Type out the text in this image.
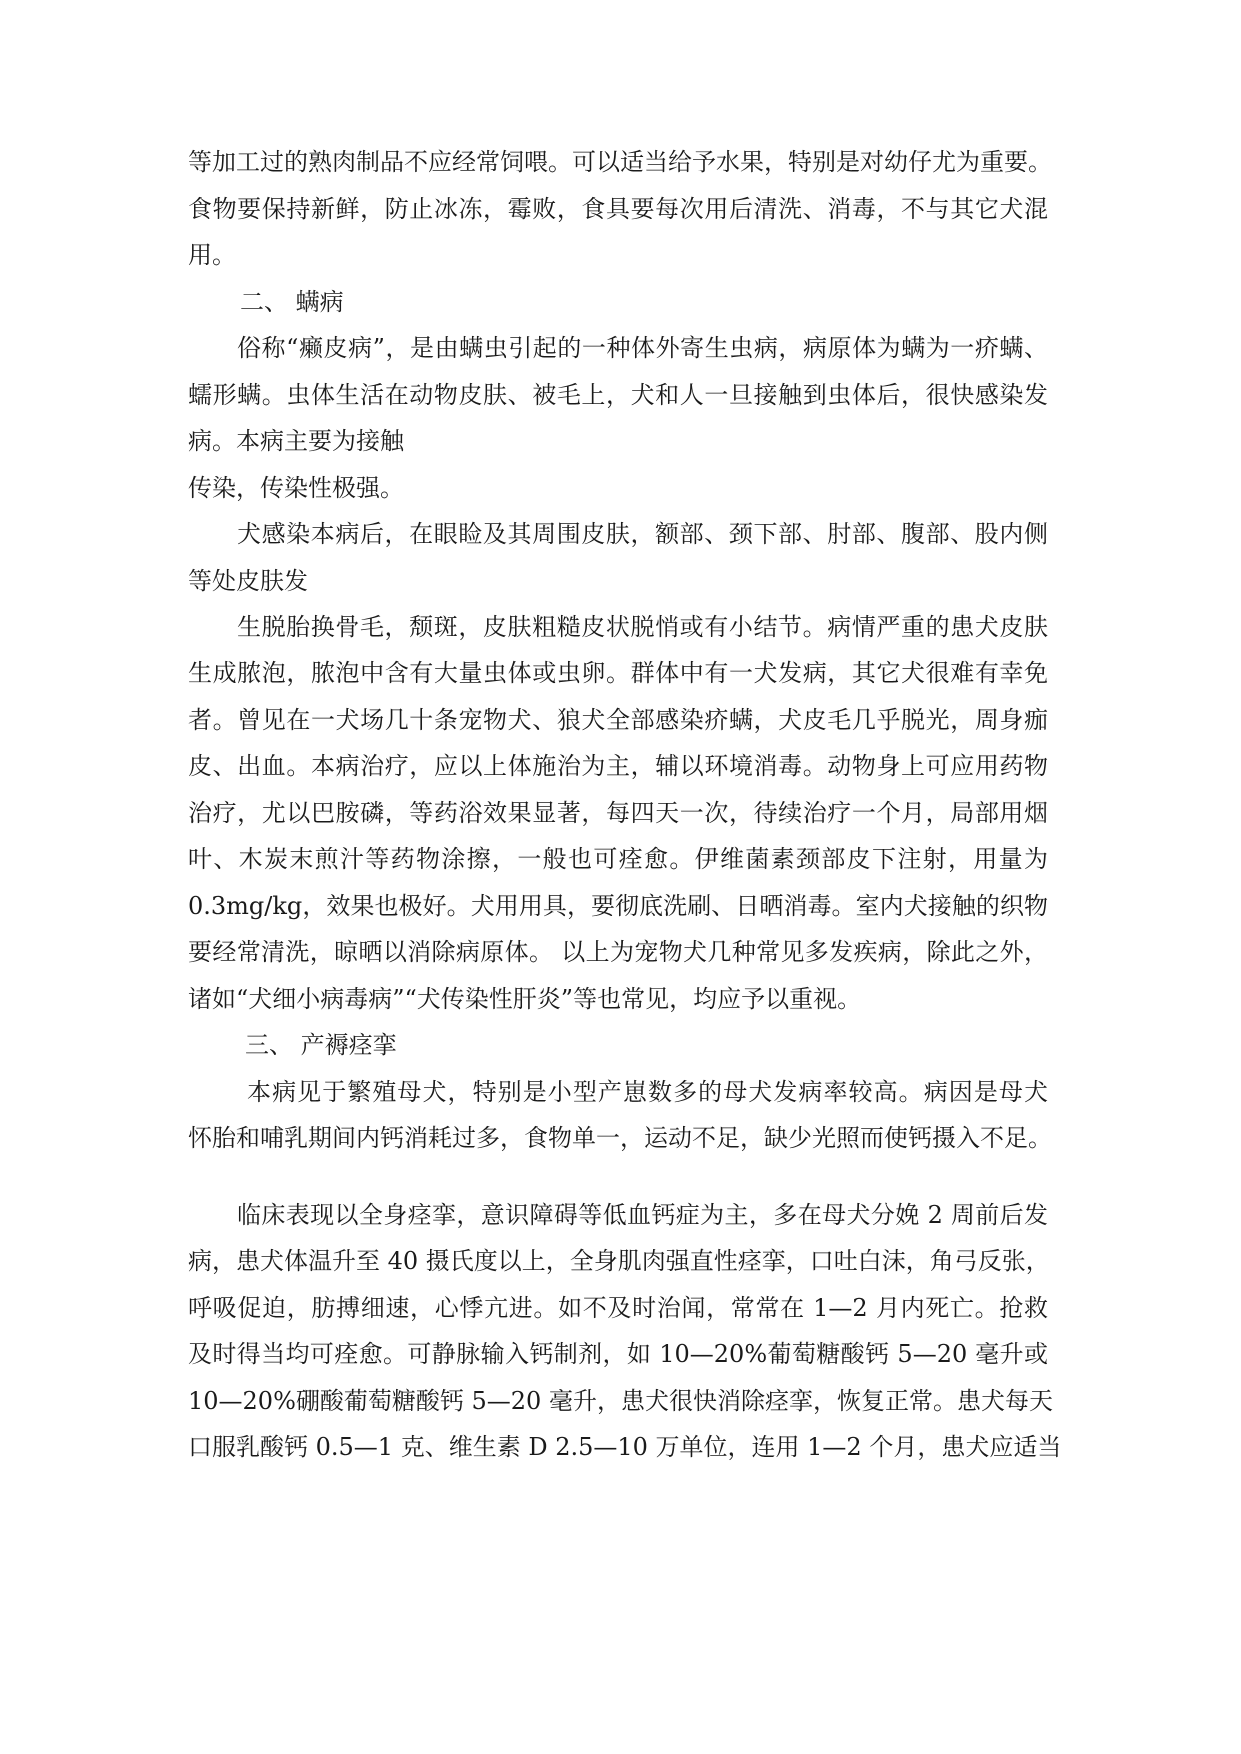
等加工过的熟肉制品不应经常饲喂。可以适当给予水果，特别是对幼仔尤为重要。
食物要保持新鲜，防止冰冻，霉败，食具要每次用后清洗、消毒，不与其它犬混
用。
二、 螨病
俗称“癞皮病”，是由螨虫引起的一种体外寄生虫病，病原体为螨为一疥螨、
蠕形螨。虫体生活在动物皮肤、被毛上，犬和人一旦接触到虫体后，很快感染发
病。本病主要为接触
传染，传染性极强。
犬感染本病后，在眼睑及其周围皮肤，额部、颈下部、肘部、腹部、股内侧
等处皮肤发
生脱胎换骨毛，颓斑，皮肤粗糙皮状脱悄或有小结节。病情严重的患犬皮肤
生成脓泡，脓泡中含有大量虫体或虫卵。群体中有一犬发病，其它犬很难有幸免
者。曾见在一犬场几十条宠物犬、狼犬全部感染疥螨，犬皮毛几乎脱光，周身痂
皮、出血。本病治疗，应以上体施治为主，辅以环境消毒。动物身上可应用药物
治疗，尤以巴胺磷，等药浴效果显著，每四天一次，待续治疗一个月，局部用烟
叶、木炭末煎汁等药物涂擦，一般也可痊愈。伊维菌素颈部皮下注射，用量为
0.3mg/kg，效果也极好。犬用用具，要彻底洗刷、日晒消毒。室内犬接触的织物
要经常清洗，晾晒以消除病原体。 以上为宠物犬几种常见多发疾病，除此之外，
诸如“犬细小病毒病”“犬传染性肝炎”等也常见，均应予以重视。
三、 产褥痉挛
本病见于繁殖母犬，特别是小型产崽数多的母犬发病率较高。病因是母犬
怀胎和哺乳期间内钙消耗过多，食物单一，运动不足，缺少光照而使钙摄入不足。
临床表现以全身痉挛，意识障碍等低血钙症为主，多在母犬分娩 2 周前后发
病，患犬体温升至 40 摄氏度以上，全身肌肉强直性痉挛，口吐白沫，角弓反张，
呼吸促迫，肪搏细速，心悸亢进。如不及时治闻，常常在 1—2 月内死亡。抢救
及时得当均可痊愈。可静脉输入钙制剂，如 10—20%葡萄糖酸钙 5—20 毫升或
10—20%硼酸葡萄糖酸钙 5—20 毫升，患犬很快消除痉挛，恢复正常。患犬每天
口服乳酸钙 0.5—1 克、维生素 D 2.5—10 万单位，连用 1—2 个月，患犬应适当
